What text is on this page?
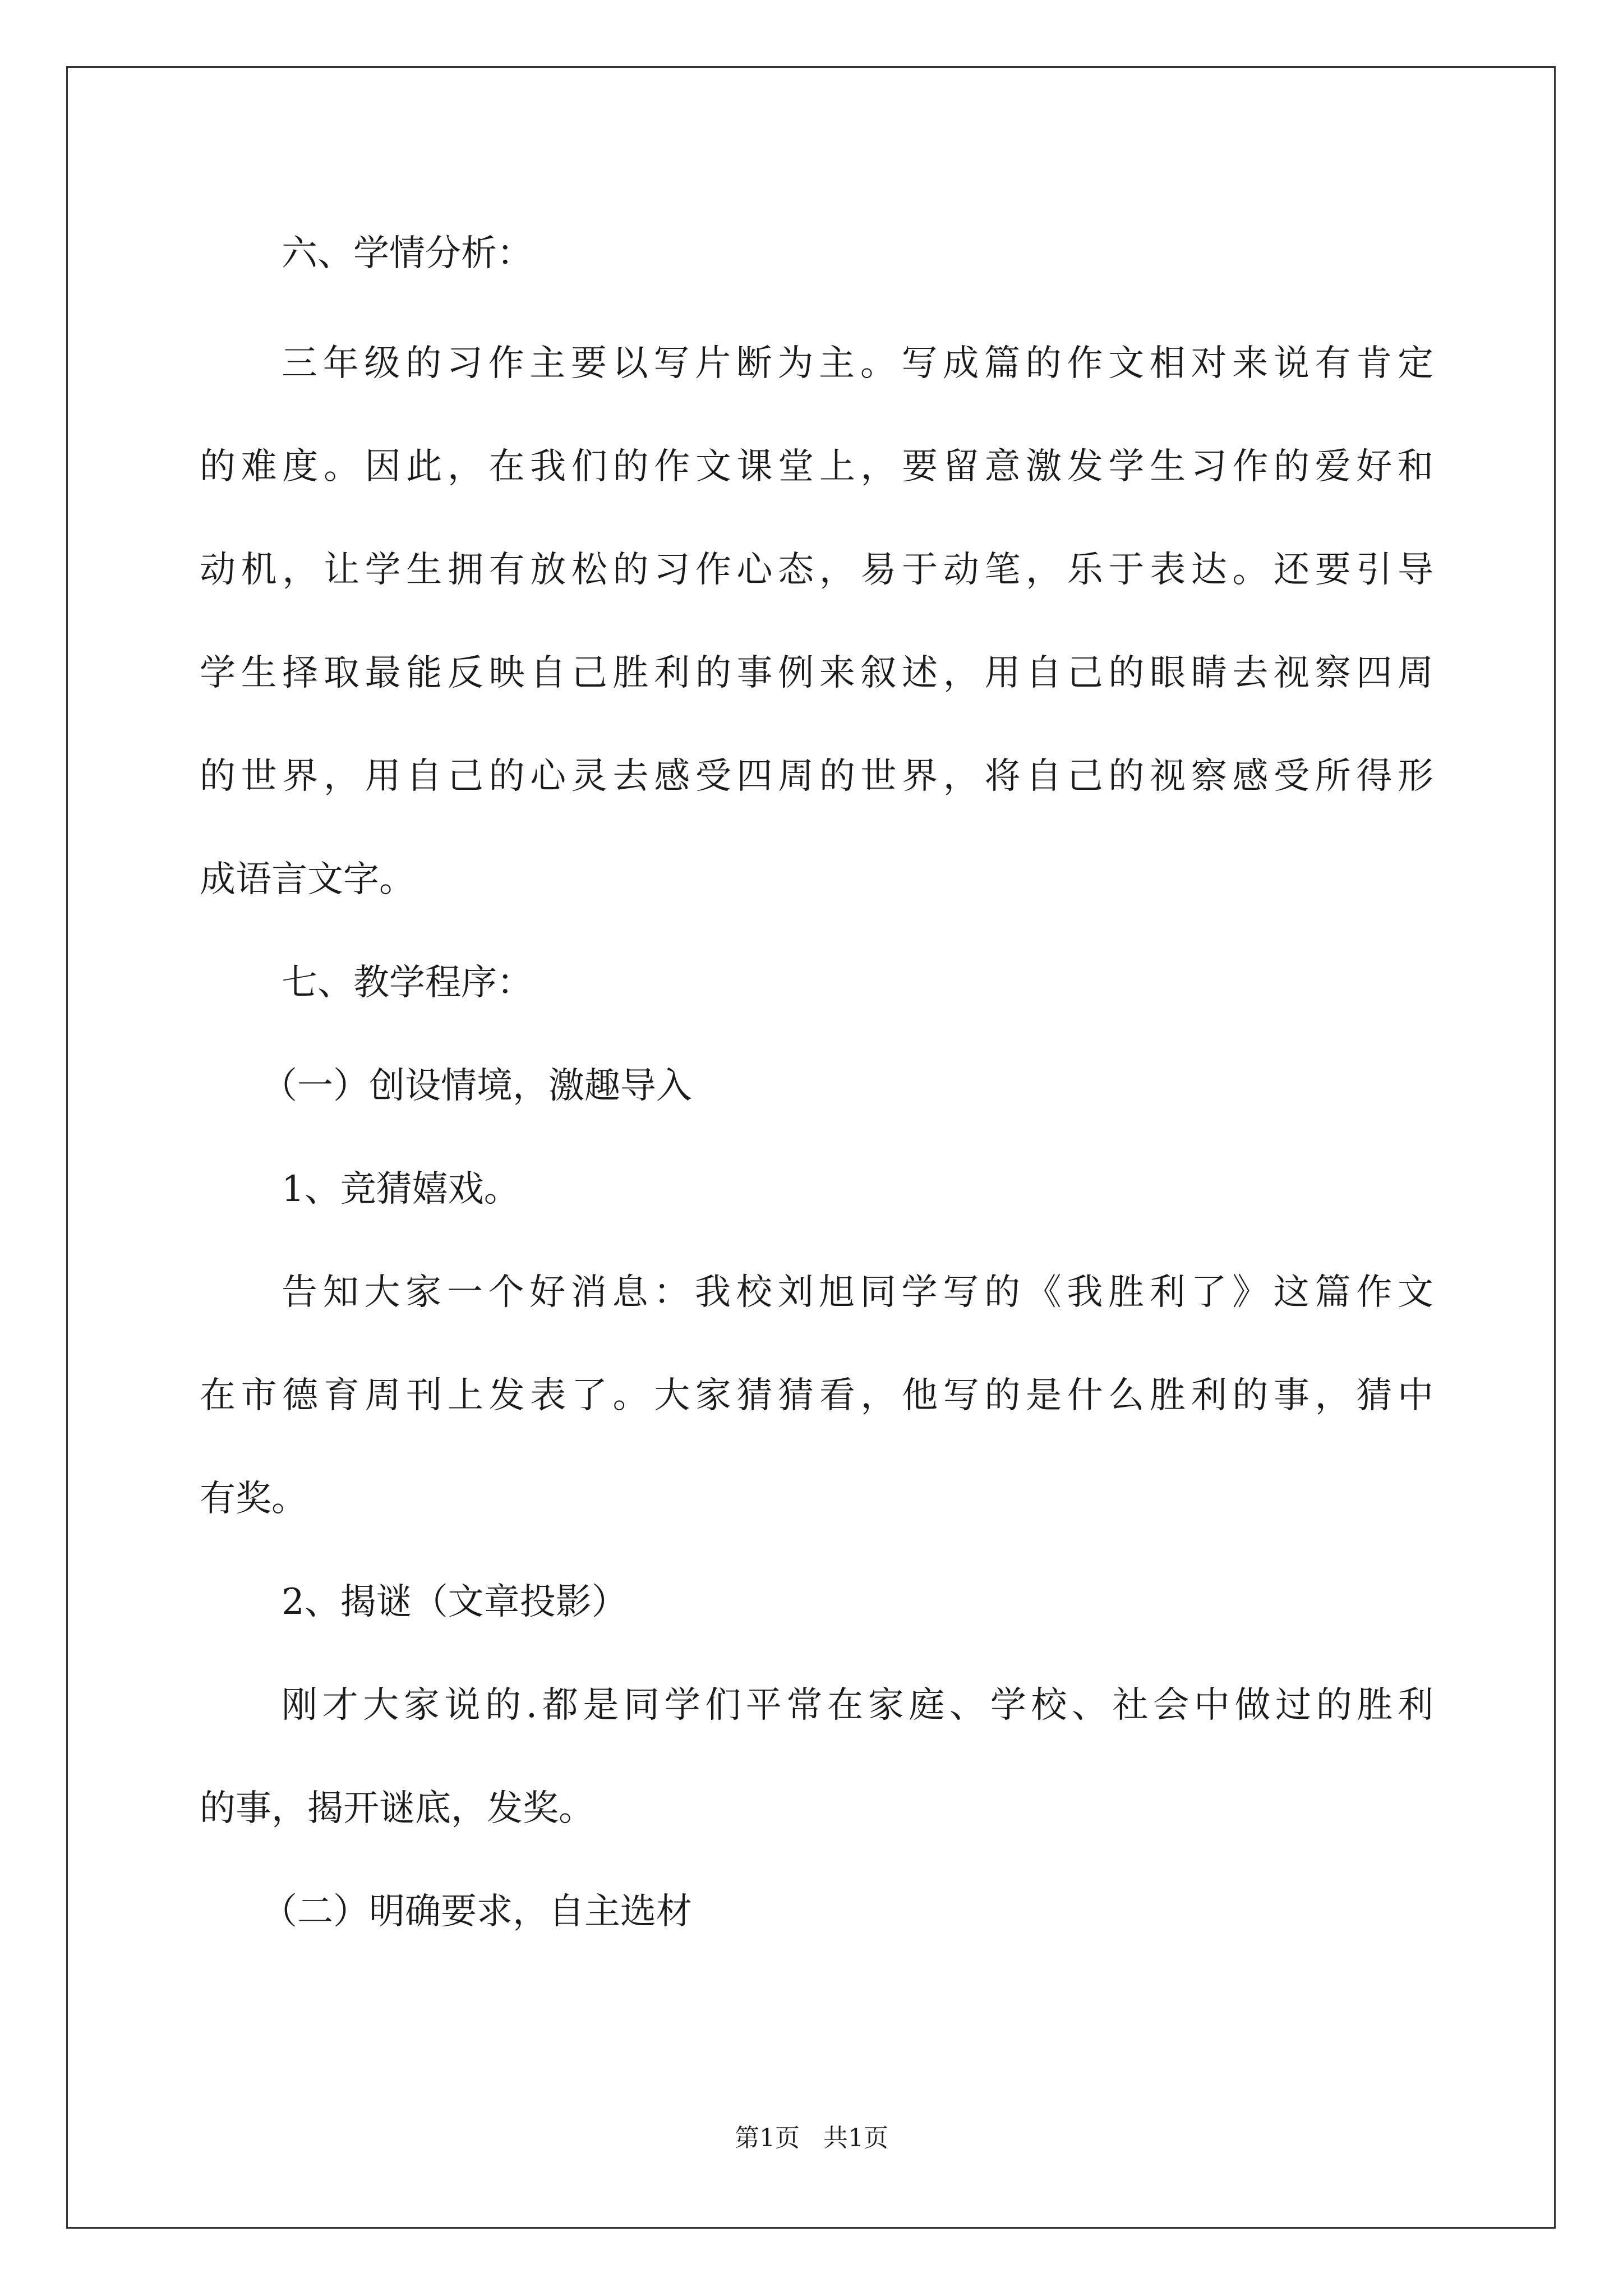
六、学情分析：
三年级的习作主要以写片断为主。写成篇的作文相对来说有肯定
的难度。因此，在我们的作文课堂上，要留意激发学生习作的爱好和
动机，让学生拥有放松的习作心态，易于动笔，乐于表达。还要引导
学生择取最能反映自己胜利的事例来叙述，用自己的眼睛去视察四周
的世界，用自己的心灵去感受四周的世界，将自己的视察感受所得形
成语言文字。
七、教学程序：
（一）创设情境，激趣导入
1、竞猜嬉戏。
告知大家一个好消息：我校刘旭同学写的《我胜利了》这篇作文
在市德育周刊上发表了。大家猜猜看，他写的是什么胜利的事，猜中
有奖。
2、揭谜（文章投影）
刚才大家说的.都是同学们平常在家庭、学校、社会中做过的胜利
的事，揭开谜底，发奖。
（二）明确要求，自主选材
第1页   共1页
